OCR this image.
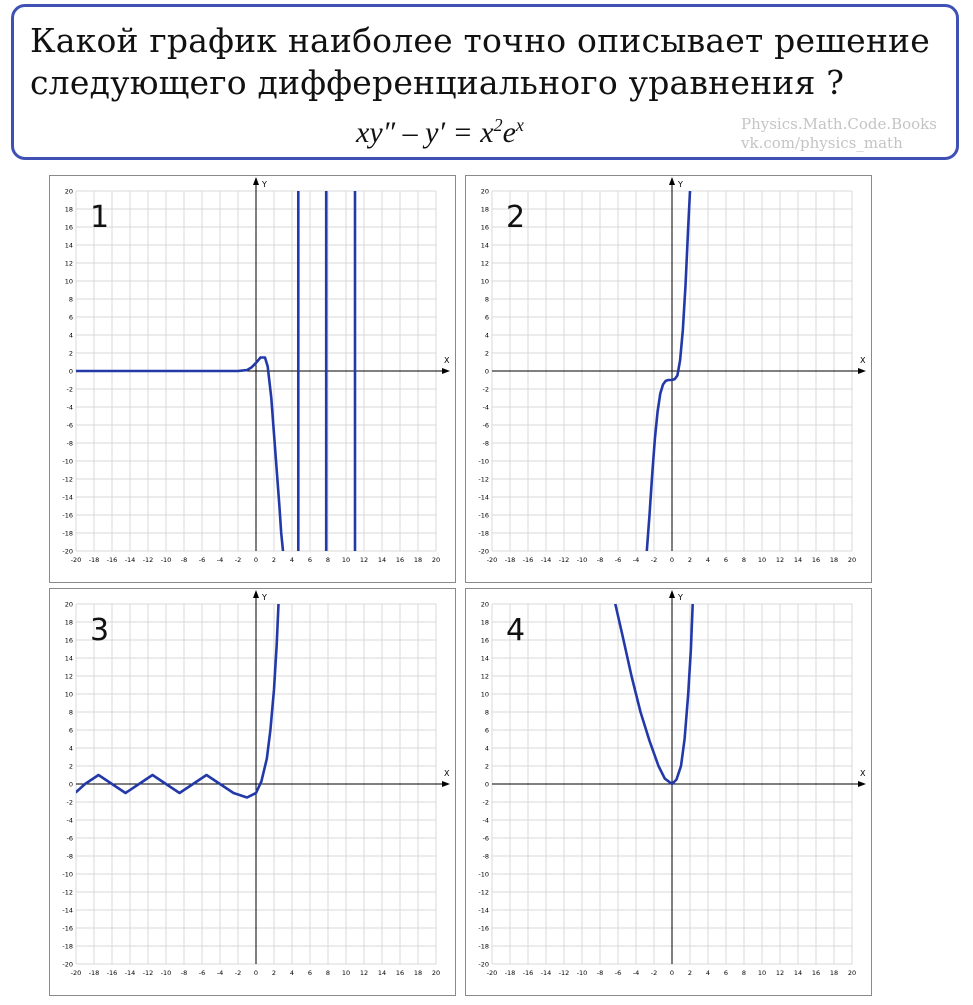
Какой график наиболее точно описывает решение
следующего дифференциального уравнения ?
$xy'' - y' = x^2e^x$	Physics.Math.Code.Books
vk.com/physics_math
X
Y
-20 -18 -16 -14 -12 -10 -8 -6 -4 -2 0 2 4 6 8 10 12 14 16 18 20
-20
-18
-16
-14
-12
-10
-8
-6
-4
-2
0
2
4
6
8
10
12
14
16
18
20
1
X
Y
-20 -18 -16 -14 -12 -10 -8 -6 -4 -2 0 2 4 6 8 10 12 14 16 18 20
-20
-18
-16
-14
-12
-10
-8
-6
-4
-2
0
2
4
6
8
10
12
14
16
18
20
2
X
Y
-20 -18 -16 -14 -12 -10 -8 -6 -4 -2 0 2 4 6 8 10 12 14 16 18 20
-20
-18
-16
-14
-12
-10
-8
-6
-4
-2
0
2
4
6
8
10
12
14
16
18
20
3
X
Y
-20 -18 -16 -14 -12 -10 -8 -6 -4 -2 0 2 4 6 8 10 12 14 16 18 20
-20
-18
-16
-14
-12
-10
-8
-6
-4
-2
0
2
4
6
8
10
12
14
16
18
20
4
